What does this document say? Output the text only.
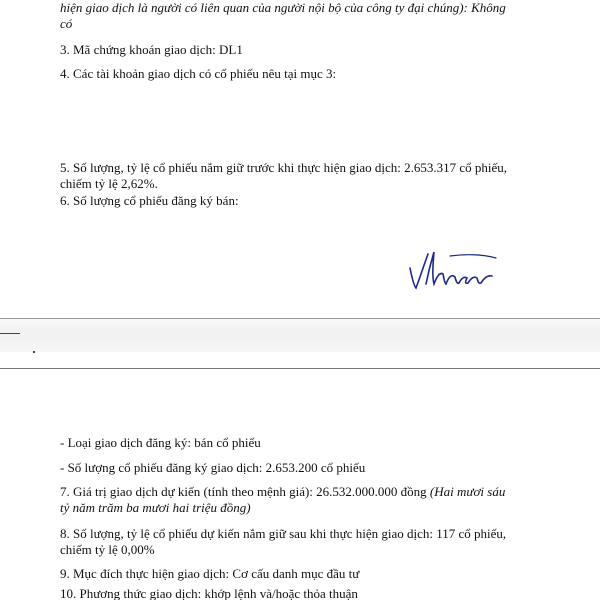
hiện giao dịch là người có liên quan của người nội bộ của công ty đại chúng): Không
có
3. Mã chứng khoán giao dịch: DL1
4. Các tài khoản giao dịch có cổ phiếu nêu tại mục 3:
5. Số lượng, tỷ lệ cổ phiếu nắm giữ trước khi thực hiện giao dịch: 2.653.317 cổ phiếu,
chiếm tỷ lệ 2,62%.
6. Số lượng cổ phiếu đăng ký bán:
- Loại giao dịch đăng ký: bán cổ phiếu
- Số lượng cổ phiếu đăng ký giao dịch: 2.653.200 cổ phiếu
7. Giá trị giao dịch dự kiến (tính theo mệnh giá): 26.532.000.000 đồng (Hai mươi sáu
tỷ năm trăm ba mươi hai triệu đồng)
8. Số lượng, tỷ lệ cổ phiếu dự kiến nắm giữ sau khi thực hiện giao dịch: 117 cổ phiếu,
chiếm tỷ lệ 0,00%
9. Mục đích thực hiện giao dịch: Cơ cấu danh mục đầu tư
10. Phương thức giao dịch: khớp lệnh và/hoặc thỏa thuận
